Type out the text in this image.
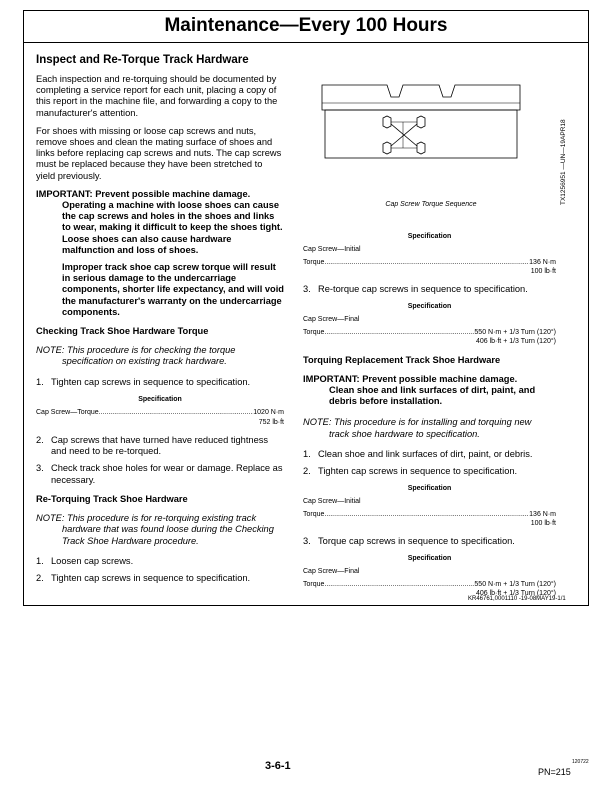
Maintenance—Every 100 Hours
Inspect and Re-Torque Track Hardware

Each inspection and re-torquing should be documented by completing a service report for each unit, placing a copy of this report in the machine file, and forwarding a copy to the manufacturer's attention.

For shoes with missing or loose cap screws and nuts, remove shoes and clean the mating surface of shoes and links before replacing cap screws and nuts. The cap screws must be replaced because they have been stretched to yield previously.

IMPORTANT: Prevent possible machine damage.
Operating a machine with loose shoes can cause the cap screws and holes in the shoes and links to wear, making it difficult to keep the shoes tight. Loose shoes can also cause hardware malfunction and loss of shoes.
Improper track shoe cap screw torque will result in serious damage to the undercarriage components, shorter life expectancy, and will void the manufacturer's warranty on the undercarriage components.
Checking Track Shoe Hardware Torque
NOTE: This procedure is for checking the torque
specification on existing track hardware.
1. Tighten cap screws in sequence to specification.
Specification
Cap Screw—Torque .....	1020 N·m
752 lb·ft
2. Cap screws that have turned have reduced tightness and need to be re-torqued.
3. Check track shoe holes for wear or damage. Replace as necessary.
Re-Torquing Track Shoe Hardware
NOTE: This procedure is for re-torquing existing track
hardware that was found loose during the Checking Track Shoe Hardware procedure.
1. Loosen cap screws.
2. Tighten cap screws in sequence to specification.
Cap Screw Torque Sequence	TX1256951 —UN—19APR18
Specification
Cap Screw—Initial
Torque .....	136 N·m
100 lb·ft
3. Re-torque cap screws in sequence to specification.
Specification
Cap Screw—Final
Torque .....	550 N·m + 1/3 Turn (120°)
406 lb·ft + 1/3 Turn (120°)
Torquing Replacement Track Shoe Hardware
IMPORTANT: Prevent possible machine damage.
Clean shoe and link surfaces of dirt, paint, and debris before installation.
NOTE: This procedure is for installing and torquing new
track shoe hardware to specification.
1. Clean shoe and link surfaces of dirt, paint, or debris.
2. Tighten cap screws in sequence to specification.
Specification
Cap Screw—Initial
Torque .....	136 N·m
100 lb·ft
3. Torque cap screws in sequence to specification.
Specification
Cap Screw—Final
Torque .....	550 N·m + 1/3 Turn (120°)
406 lb·ft + 1/3 Turn (120°)
KR46761,0001110 -19-08MAY19-1/1
3-6-1	120722
PN=215
